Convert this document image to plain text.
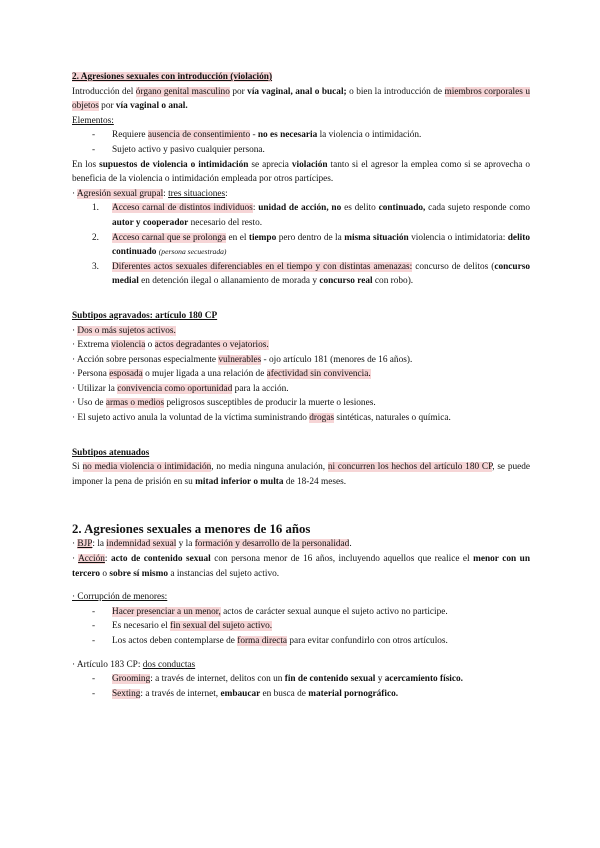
2. Agresiones sexuales con introducción (violación)

Introducción del órgano genital masculino por vía vaginal, anal o bucal; o bien la introducción de miembros corporales u objetos por vía vaginal o anal.

Elementos:

- Requiere ausencia de consentimiento - no es necesaria la violencia o intimidación.
- Sujeto activo y pasivo cualquier persona.

En los supuestos de violencia o intimidación se aprecia violación tanto si el agresor la emplea como si se aprovecha o beneficia de la violencia o intimidación empleada por otros partícipes.

· Agresión sexual grupal: tres situaciones:

1. Acceso carnal de distintos individuos: unidad de acción, no es delito continuado, cada sujeto responde como autor y cooperador necesario del resto.
2. Acceso carnal que se prolonga en el tiempo pero dentro de la misma situación violencia o intimidatoria: delito continuado (persona secuestrada)
3. Diferentes actos sexuales diferenciables en el tiempo y con distintas amenazas: concurso de delitos (concurso medial en detención ilegal o allanamiento de morada y concurso real con robo).

Subtipos agravados: artículo 180 CP

· Dos o más sujetos activos.

· Extrema violencia o actos degradantes o vejatorios.

· Acción sobre personas especialmente vulnerables - ojo artículo 181 (menores de 16 años).

· Persona esposada o mujer ligada a una relación de afectividad sin convivencia.

· Utilizar la convivencia como oportunidad para la acción.

· Uso de armas o medios peligrosos susceptibles de producir la muerte o lesiones.

· El sujeto activo anula la voluntad de la víctima suministrando drogas sintéticas, naturales o química.

Subtipos atenuados

Si no media violencia o intimidación, no media ninguna anulación, ni concurren los hechos del artículo 180 CP, se puede imponer la pena de prisión en su mitad inferior o multa de 18-24 meses.

2. Agresiones sexuales a menores de 16 años

· BJP: la indemnidad sexual y la formación y desarrollo de la personalidad.

· Acción: acto de contenido sexual con persona menor de 16 años, incluyendo aquellos que realice el menor con un tercero o sobre sí mismo a instancias del sujeto activo.

· Corrupción de menores:

- Hacer presenciar a un menor, actos de carácter sexual aunque el sujeto activo no participe.
- Es necesario el fin sexual del sujeto activo.
- Los actos deben contemplarse de forma directa para evitar confundirlo con otros artículos.

· Artículo 183 CP: dos conductas

- Grooming: a través de internet, delitos con un fin de contenido sexual y acercamiento físico.
- Sexting: a través de internet, embaucar en busca de material pornográfico.
